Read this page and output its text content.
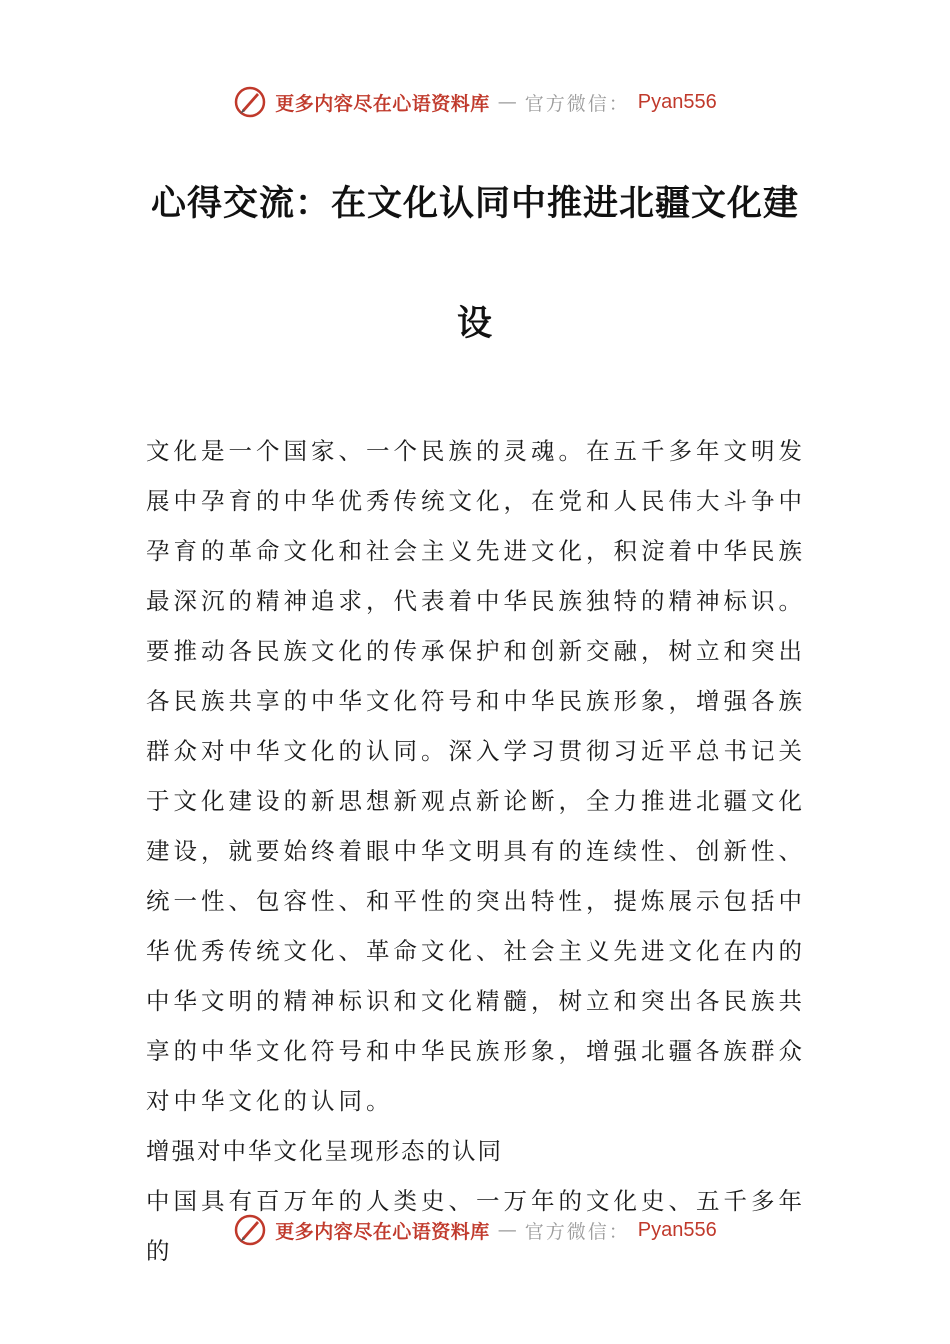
更多内容尽在心语资料库 — 官方微信： Pyan556
心得交流：在文化认同中推进北疆文化建
设

文化是一个国家、一个民族的灵魂。在五千多年文明发展中孕育的中华优秀传统文化，在党和人民伟大斗争中孕育的革命文化和社会主义先进文化，积淀着中华民族最深沉的精神追求，代表着中华民族独特的精神标识。要推动各民族文化的传承保护和创新交融，树立和突出各民族共享的中华文化符号和中华民族形象，增强各族群众对中华文化的认同。深入学习贯彻习近平总书记关于文化建设的新思想新观点新论断，全力推进北疆文化建设，就要始终着眼中华文明具有的连续性、创新性、统一性、包容性、和平性的突出特性，提炼展示包括中华优秀传统文化、革命文化、社会主义先进文化在内的中华文明的精神标识和文化精髓，树立和突出各民族共享的中华文化符号和中华民族形象，增强北疆各族群众对中华文化的认同。

增强对中华文化呈现形态的认同

中国具有百万年的人类史、一万年的文化史、五千多年的

更多内容尽在心语资料库 — 官方微信： Pyan556
